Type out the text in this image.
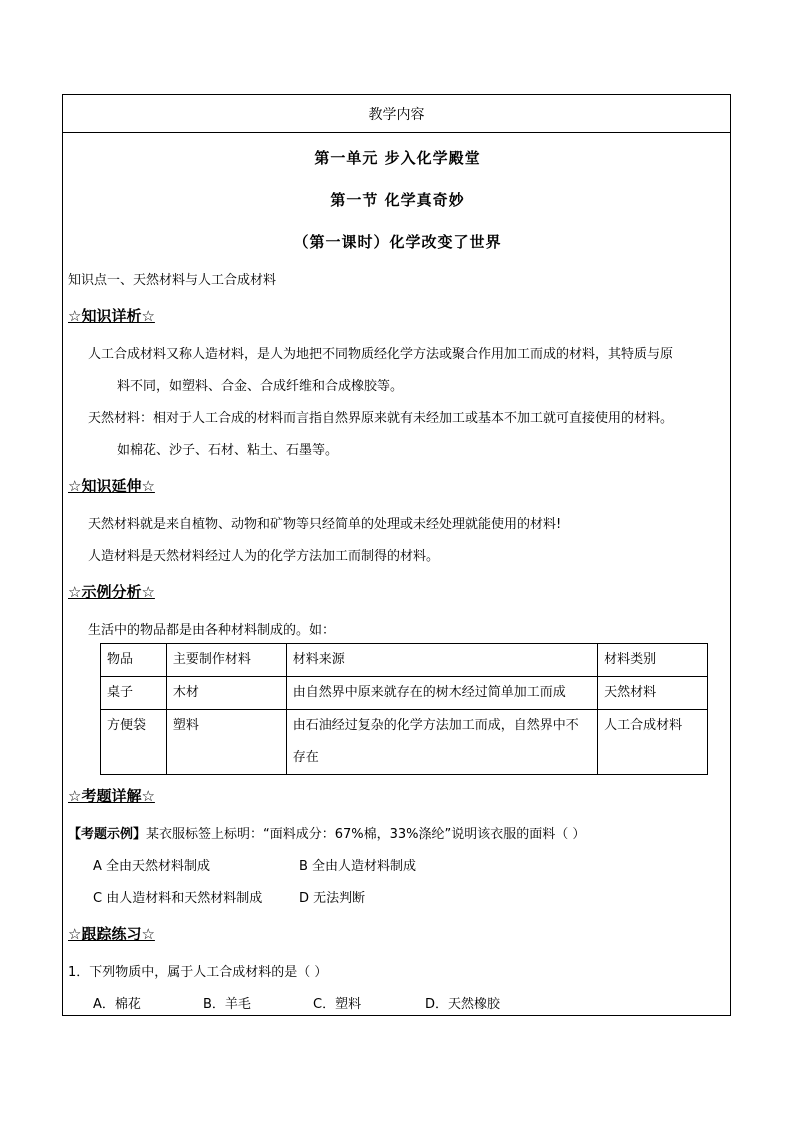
教学内容
第一单元 步入化学殿堂
第一节 化学真奇妙
（第一课时）化学改变了世界
知识点一、天然材料与人工合成材料
☆知识详析☆
人工合成材料又称人造材料，是人为地把不同物质经化学方法或聚合作用加工而成的材料，其特质与原
料不同，如塑料、合金、合成纤维和合成橡胶等。
天然材料：相对于人工合成的材料而言指自然界原来就有未经加工或基本不加工就可直接使用的材料。
如棉花、沙子、石材、粘土、石墨等。
☆知识延伸☆
天然材料就是来自植物、动物和矿物等只经简单的处理或未经处理就能使用的材料!
人造材料是天然材料经过人为的化学方法加工而制得的材料。
☆示例分析☆
生活中的物品都是由各种材料制成的。如：
物品	主要制作材料	材料来源	材料类别
桌子	木材	由自然界中原来就存在的树木经过简单加工而成	天然材料
方便袋	塑料	由石油经过复杂的化学方法加工而成，自然界中不存在	人工合成材料
☆考题详解☆
【考题示例】某衣服标签上标明：“面料成分：67%棉，33%涤纶”说明该衣服的面料（ ）
A 全由天然材料制成	B 全由人造材料制成
C 由人造材料和天然材料制成	D 无法判断
☆跟踪练习☆
1．下列物质中，属于人工合成材料的是（ ）
A．棉花	B．羊毛	C．塑料	D．天然橡胶
